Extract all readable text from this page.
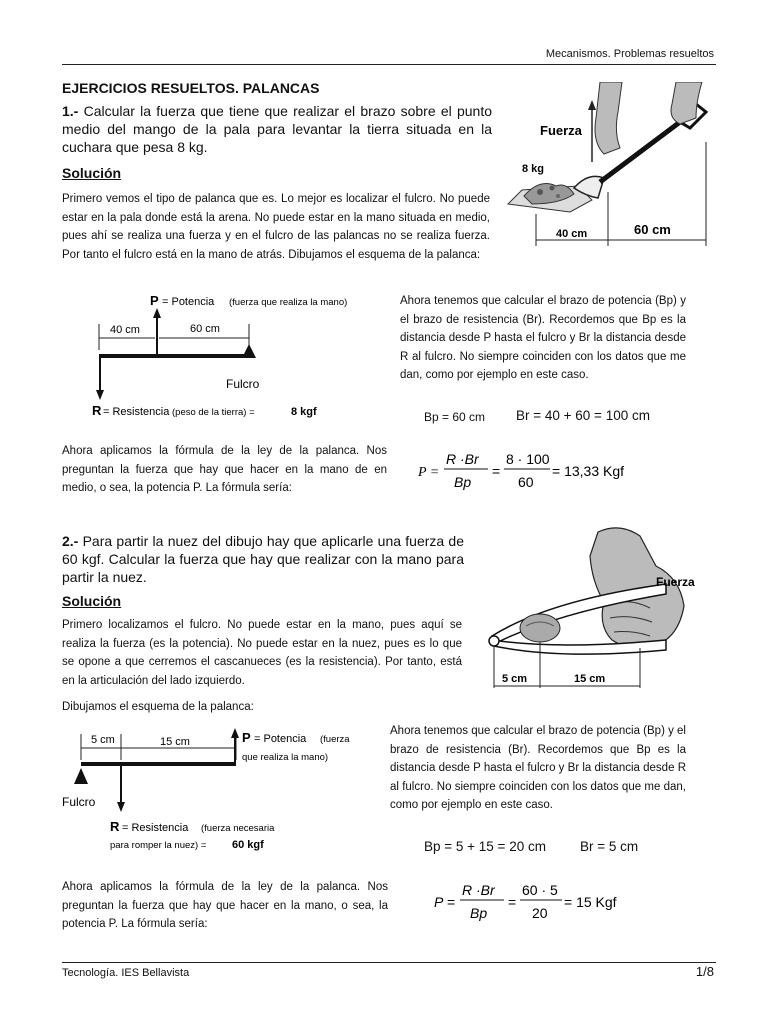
Mecanismos. Problemas resueltos
EJERCICIOS RESUELTOS. PALANCAS
1.- Calcular la fuerza que tiene que realizar el brazo sobre el punto medio del mango de la pala para levantar la tierra situada en la cuchara que pesa 8 kg.
Solución
Primero vemos el tipo de palanca que es. Lo mejor es localizar el fulcro. No puede estar en la pala donde está la arena. No puede estar en la mano situada en medio, pues ahí se realiza una fuerza y en el fulcro de las palancas no se realiza fuerza. Por tanto el fulcro está en la mano de atrás. Dibujamos el esquema de la palanca:
Fuerza
8 kg
40 cm	60 cm
P = Potencia (fuerza que realiza la mano)
40 cm	60 cm
Fulcro
R = Resistencia (peso de la tierra) =	8 kgf
Ahora tenemos que calcular el brazo de potencia (Bp) y el brazo de resistencia (Br). Recordemos que Bp es la distancia desde P hasta el fulcro y Br la distancia desde R al fulcro. No siempre coinciden con los datos que me dan, como por ejemplo en este caso.
Bp = 60 cm Br = 40 + 60 = 100 cm
Ahora aplicamos la fórmula de la ley de la palanca. Nos preguntan la fuerza que hay que hacer en la mano de en medio, o sea, la potencia P. La fórmula sería:
P =
R ·Br
Bp
=
8 · 100
60
= 13,33 Kgf
2.- Para partir la nuez del dibujo hay que aplicarle una fuerza de 60 kgf. Calcular la fuerza que hay que realizar con la mano para partir la nuez.
Solución
Primero localizamos el fulcro. No puede estar en la mano, pues aquí se realiza la fuerza (es la potencia). No puede estar en la nuez, pues es lo que se opone a que cerremos el cascanueces (es la resistencia). Por tanto, está en la articulación del lado izquierdo.
Dibujamos el esquema de la palanca:
Fuerza
5 cm	15 cm
5 cm	15 cm
Fulcro
P = Potencia (fuerza
que realiza la mano)
R = Resistencia (fuerza necesaria
para romper la nuez) = 60 kgf
Ahora tenemos que calcular el brazo de potencia (Bp) y el brazo de resistencia (Br). Recordemos que Bp es la distancia desde P hasta el fulcro y Br la distancia desde R al fulcro. No siempre coinciden con los datos que me dan, como por ejemplo en este caso.
Bp = 5 + 15 = 20 cm	Br = 5 cm
Ahora aplicamos la fórmula de la ley de la palanca. Nos preguntan la fuerza que hay que hacer en la mano, o sea, la potencia P. La fórmula sería:
P =
R ·Br
Bp
=
60 · 5
20
= 15 Kgf
Tecnología. IES Bellavista	1/8
